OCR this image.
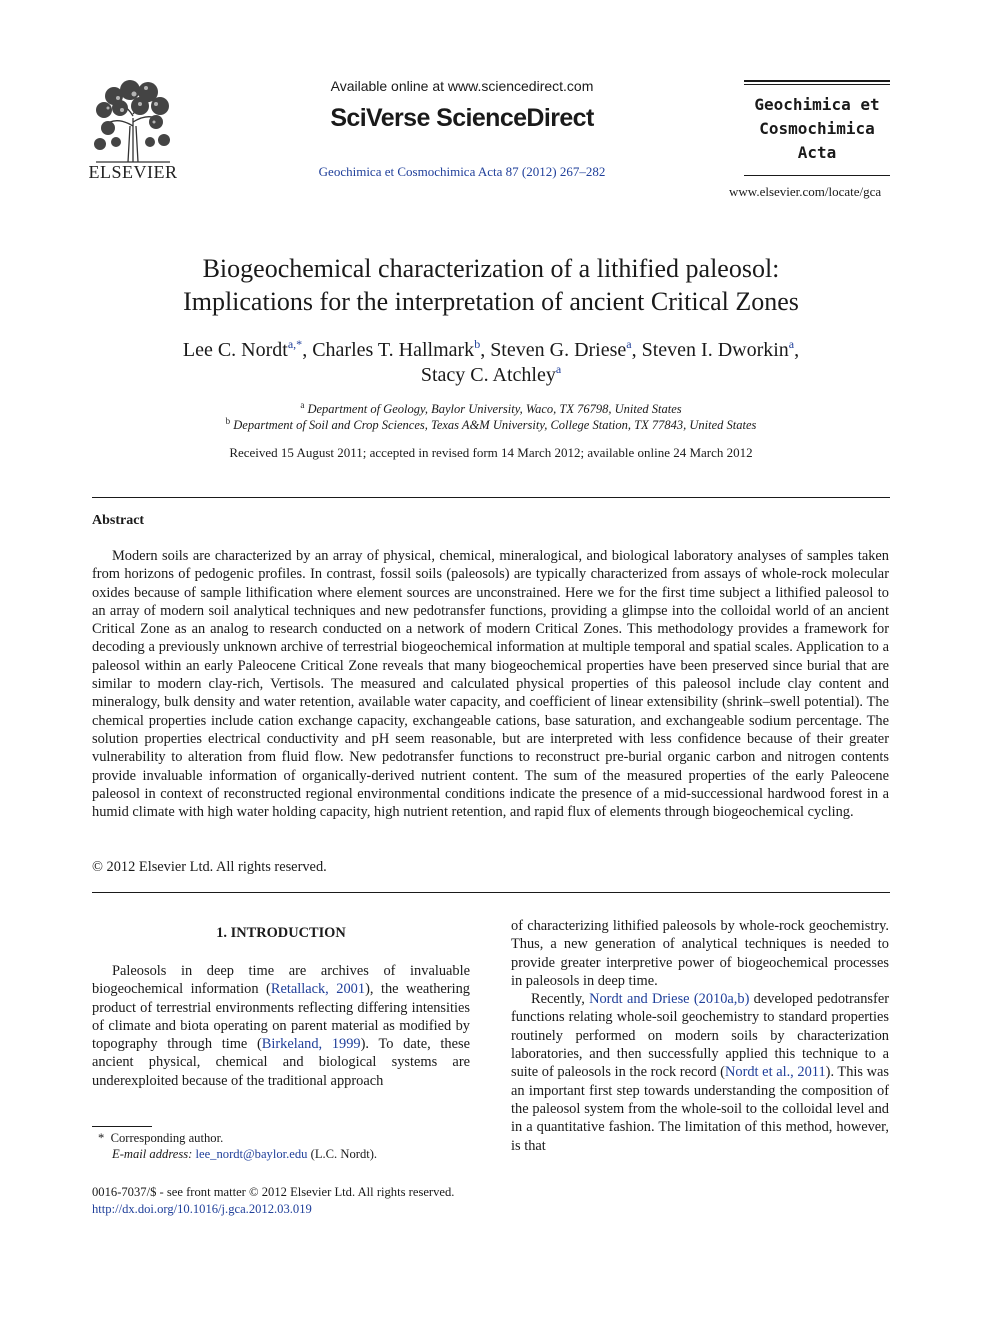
ELSEVIER
Available online at www.sciencedirect.com
SciVerse ScienceDirect
Geochimica et Cosmochimica Acta 87 (2012) 267–282
Geochimica et
Cosmochimica
Acta
www.elsevier.com/locate/gca
Biogeochemical characterization of a lithified paleosol:
Implications for the interpretation of ancient Critical Zones
Lee C. Nordt$^{a,*}$, Charles T. Hallmark$^b$, Steven G. Driese$^a$, Steven I. Dworkin$^a$,
Stacy C. Atchley$^a$
$^a$ Department of Geology, Baylor University, Waco, TX 76798, United States
$^b$ Department of Soil and Crop Sciences, Texas A&M University, College Station, TX 77843, United States
Received 15 August 2011; accepted in revised form 14 March 2012; available online 24 March 2012
Abstract
Modern soils are characterized by an array of physical, chemical, mineralogical, and biological laboratory analyses of samples taken from horizons of pedogenic profiles. In contrast, fossil soils (paleosols) are typically characterized from assays of whole-rock molecular oxides because of sample lithification where element sources are unconstrained. Here we for the first time subject a lithified paleosol to an array of modern soil analytical techniques and new pedotransfer functions, providing a glimpse into the colloidal world of an ancient Critical Zone as an analog to research conducted on a network of modern Critical Zones. This methodology provides a framework for decoding a previously unknown archive of terrestrial biogeochemical information at multiple temporal and spatial scales. Application to a paleosol within an early Paleocene Critical Zone reveals that many biogeochemical properties have been preserved since burial that are similar to modern clay-rich, Vertisols. The measured and calculated physical properties of this paleosol include clay content and mineralogy, bulk density and water retention, available water capacity, and coefficient of linear extensibility (shrink–swell potential). The chemical properties include cation exchange capacity, exchangeable cations, base saturation, and exchangeable sodium percentage. The solution properties electrical conductivity and pH seem reasonable, but are interpreted with less confidence because of their greater vulnerability to alteration from fluid flow. New pedotransfer functions to reconstruct pre-burial organic carbon and nitrogen contents provide invaluable information of organically-derived nutrient content. The sum of the measured properties of the early Paleocene paleosol in context of reconstructed regional environmental conditions indicate the presence of a mid-successional hardwood forest in a humid climate with high water holding capacity, high nutrient retention, and rapid flux of elements through biogeochemical cycling.
© 2012 Elsevier Ltd. All rights reserved.
1. INTRODUCTION

Paleosols in deep time are archives of invaluable biogeochemical information (Retallack, 2001), the weathering product of terrestrial environments reflecting differing intensities of climate and biota operating on parent material as modified by topography through time (Birkeland, 1999). To date, these ancient physical, chemical and biological systems are underexploited because of the traditional approach

of characterizing lithified paleosols by whole-rock geochemistry. Thus, a new generation of analytical techniques is needed to provide greater interpretive power of biogeochemical processes in paleosols in deep time.

Recently, Nordt and Driese (2010a,b) developed pedotransfer functions relating whole-soil geochemistry to standard properties routinely performed on modern soils by characterization laboratories, and then successfully applied this technique to a suite of paleosols in the rock record (Nordt et al., 2011). This was an important first step towards understanding the composition of the paleosol system from the whole-soil to the colloidal level and in a quantitative fashion. The limitation of this method, however, is that

* Corresponding author.
E-mail address: lee_nordt@baylor.edu (L.C. Nordt).
0016-7037/$ - see front matter © 2012 Elsevier Ltd. All rights reserved.
http://dx.doi.org/10.1016/j.gca.2012.03.019
